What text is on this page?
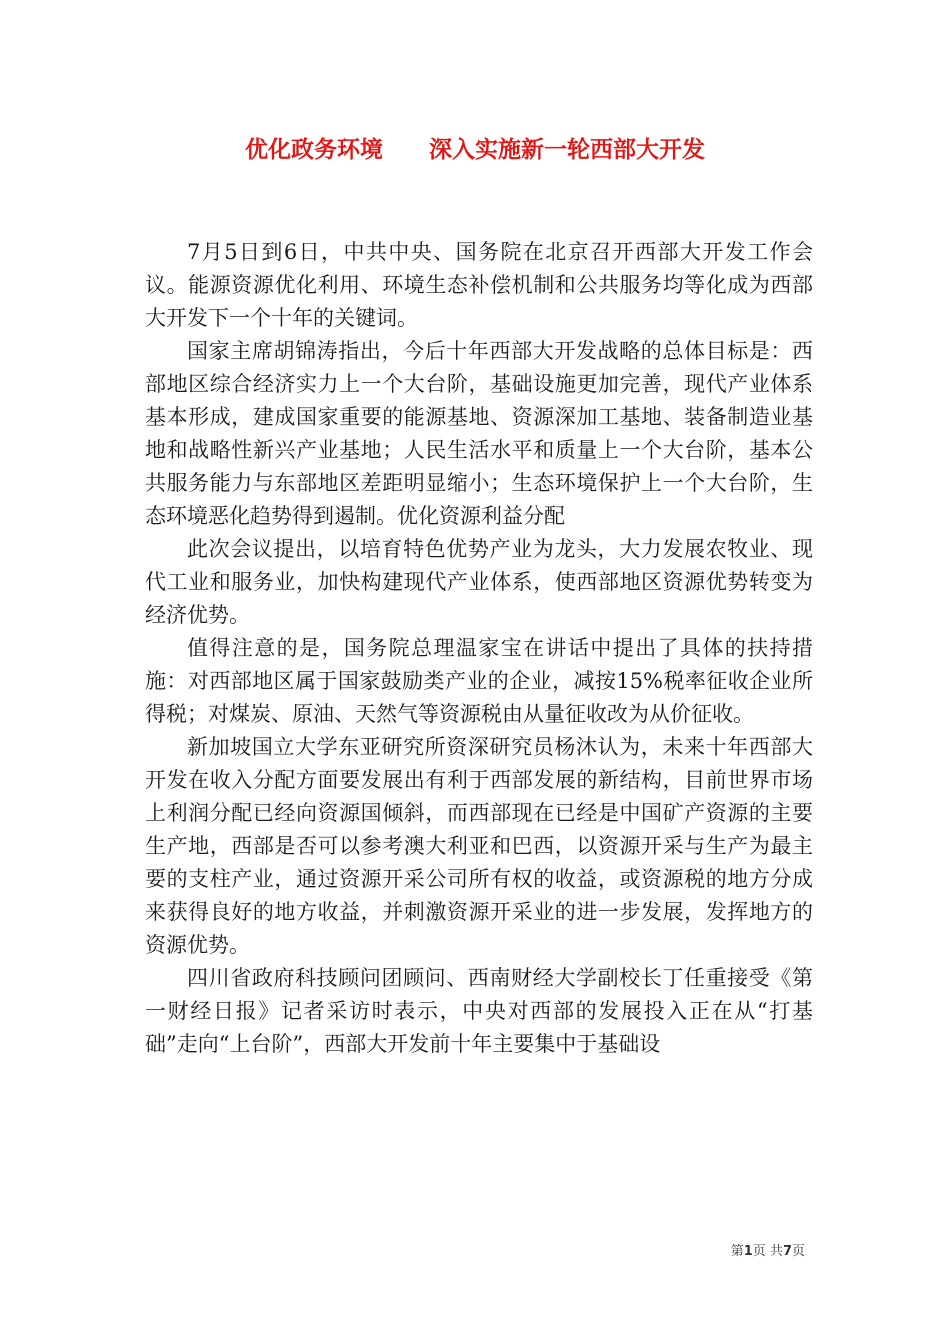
优化政务环境　　深入实施新一轮西部大开发

7月5日到6日，中共中央、国务院在北京召开西部大开发工作会议。能源资源优化利用、环境生态补偿机制和公共服务均等化成为西部大开发下一个十年的关键词。

国家主席胡锦涛指出，今后十年西部大开发战略的总体目标是：西部地区综合经济实力上一个大台阶，基础设施更加完善，现代产业体系基本形成，建成国家重要的能源基地、资源深加工基地、装备制造业基地和战略性新兴产业基地；人民生活水平和质量上一个大台阶，基本公共服务能力与东部地区差距明显缩小；生态环境保护上一个大台阶，生态环境恶化趋势得到遏制。优化资源利益分配

此次会议提出，以培育特色优势产业为龙头，大力发展农牧业、现代工业和服务业，加快构建现代产业体系，使西部地区资源优势转变为经济优势。

值得注意的是，国务院总理温家宝在讲话中提出了具体的扶持措施：对西部地区属于国家鼓励类产业的企业，减按15%税率征收企业所得税；对煤炭、原油、天然气等资源税由从量征收改为从价征收。

新加坡国立大学东亚研究所资深研究员杨沐认为，未来十年西部大开发在收入分配方面要发展出有利于西部发展的新结构，目前世界市场上利润分配已经向资源国倾斜，而西部现在已经是中国矿产资源的主要生产地，西部是否可以参考澳大利亚和巴西，以资源开采与生产为最主要的支柱产业，通过资源开采公司所有权的收益，或资源税的地方分成来获得良好的地方收益，并刺激资源开采业的进一步发展，发挥地方的资源优势。

四川省政府科技顾问团顾问、西南财经大学副校长丁任重接受《第一财经日报》记者采访时表示，中央对西部的发展投入正在从“打基础”走向“上台阶”，西部大开发前十年主要集中于基础设

第1页 共7页
